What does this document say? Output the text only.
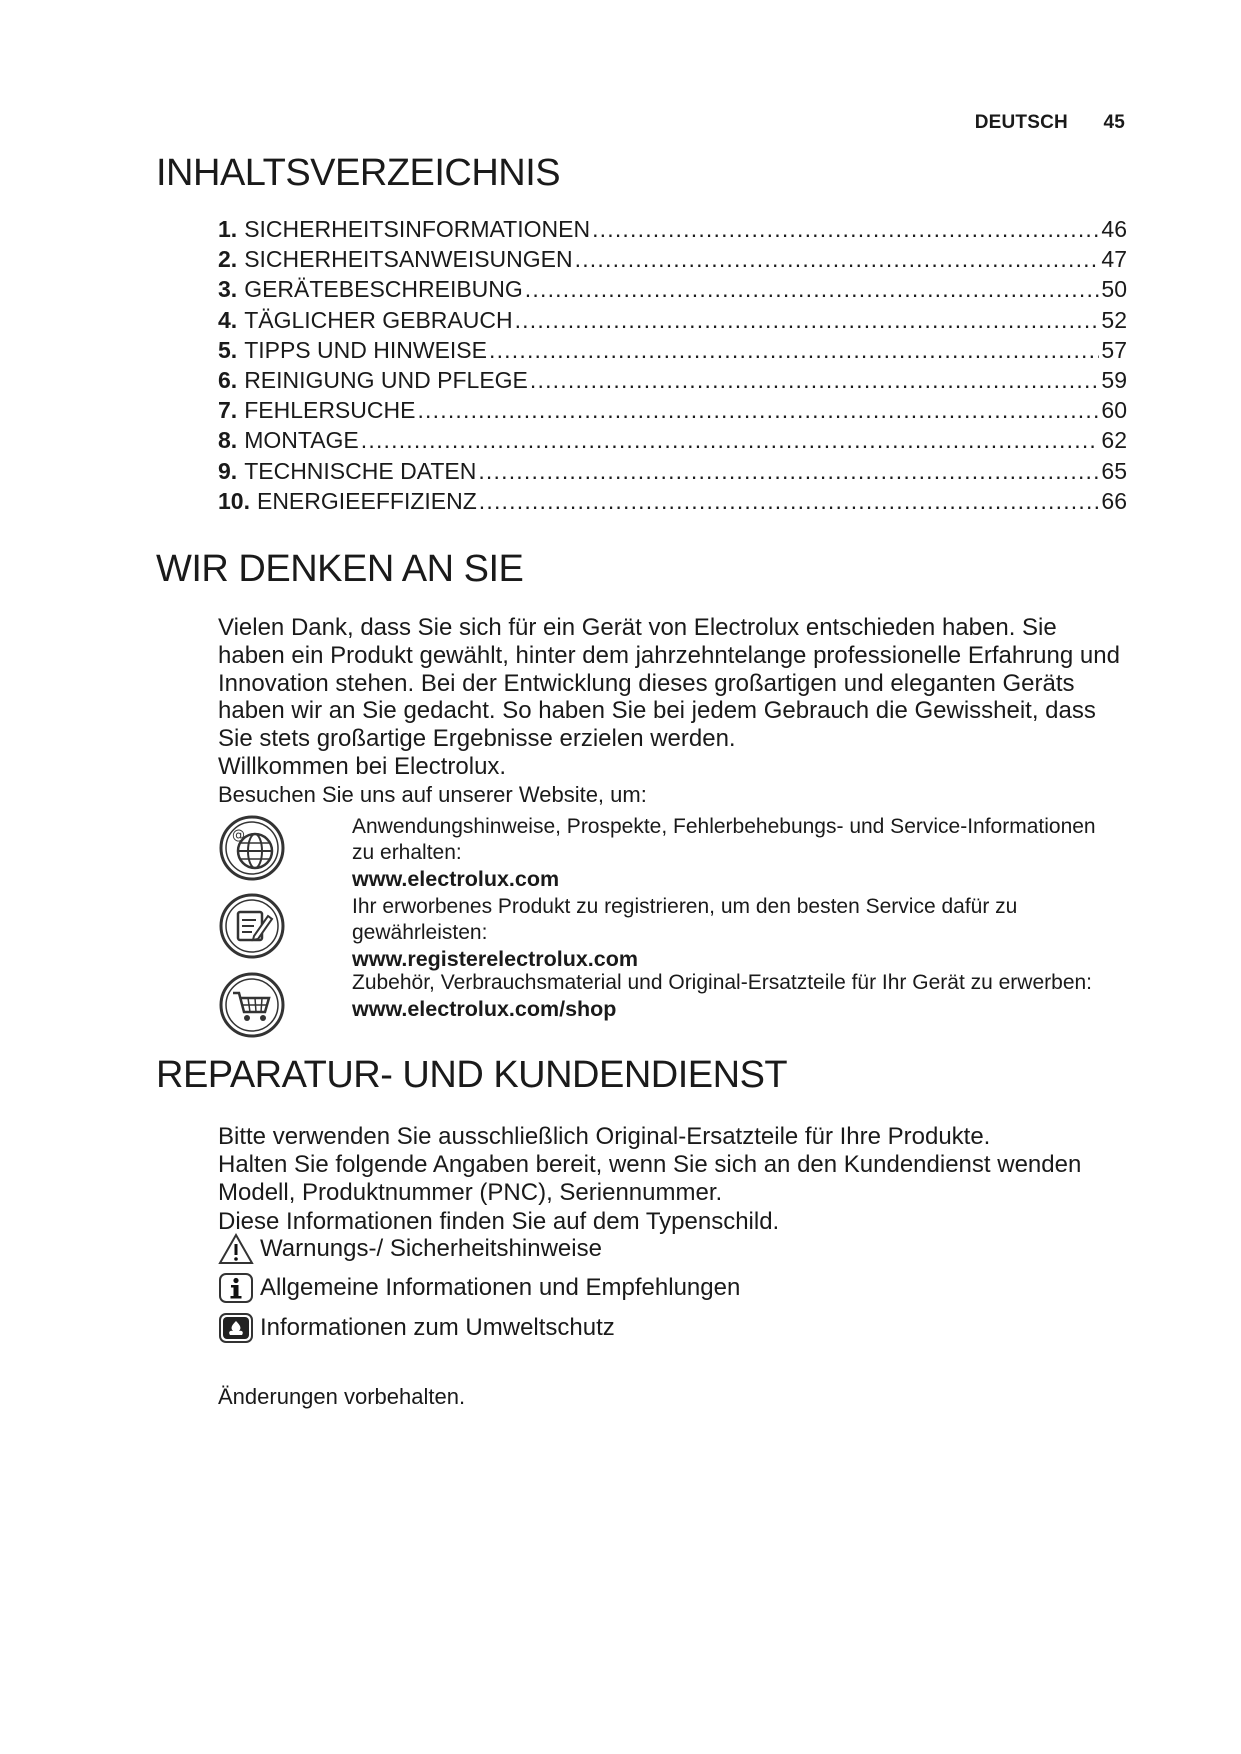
DEUTSCH 45
INHALTSVERZEICHNIS
1. SICHERHEITSINFORMATIONEN .....	46
2. SICHERHEITSANWEISUNGEN .....	47
3. GERÄTEBESCHREIBUNG .....	50
4. TÄGLICHER GEBRAUCH .....	52
5. TIPPS UND HINWEISE .....	57
6. REINIGUNG UND PFLEGE .....	59
7. FEHLERSUCHE .....	60
8. MONTAGE .....	62
9. TECHNISCHE DATEN .....	65
10. ENERGIEEFFIZIENZ .....	66
WIR DENKEN AN SIE

Vielen Dank, dass Sie sich für ein Gerät von Electrolux entschieden haben. Sie

haben ein Produkt gewählt, hinter dem jahrzehntelange professionelle Erfahrung und

Innovation stehen. Bei der Entwicklung dieses großartigen und eleganten Geräts

haben wir an Sie gedacht. So haben Sie bei jedem Gebrauch die Gewissheit, dass

Sie stets großartige Ergebnisse erzielen werden.

Willkommen bei Electrolux.

Besuchen Sie uns auf unserer Website, um:

@	Anwendungshinweise, Prospekte, Fehlerbehebungs- und Service-Informationen
zu erhalten:
www.electrolux.com
Ihr erworbenes Produkt zu registrieren, um den besten Service dafür zu
gewährleisten:
www.registerelectrolux.com
Zubehör, Verbrauchsmaterial und Original-Ersatzteile für Ihr Gerät zu erwerben:
www.electrolux.com/shop
REPARATUR- UND KUNDENDIENST

Bitte verwenden Sie ausschließlich Original-Ersatzteile für Ihre Produkte.

Halten Sie folgende Angaben bereit, wenn Sie sich an den Kundendienst wenden

Modell, Produktnummer (PNC), Seriennummer.

Diese Informationen finden Sie auf dem Typenschild.

Warnungs-/ Sicherheitshinweise
Allgemeine Informationen und Empfehlungen
Informationen zum Umweltschutz
Änderungen vorbehalten.
